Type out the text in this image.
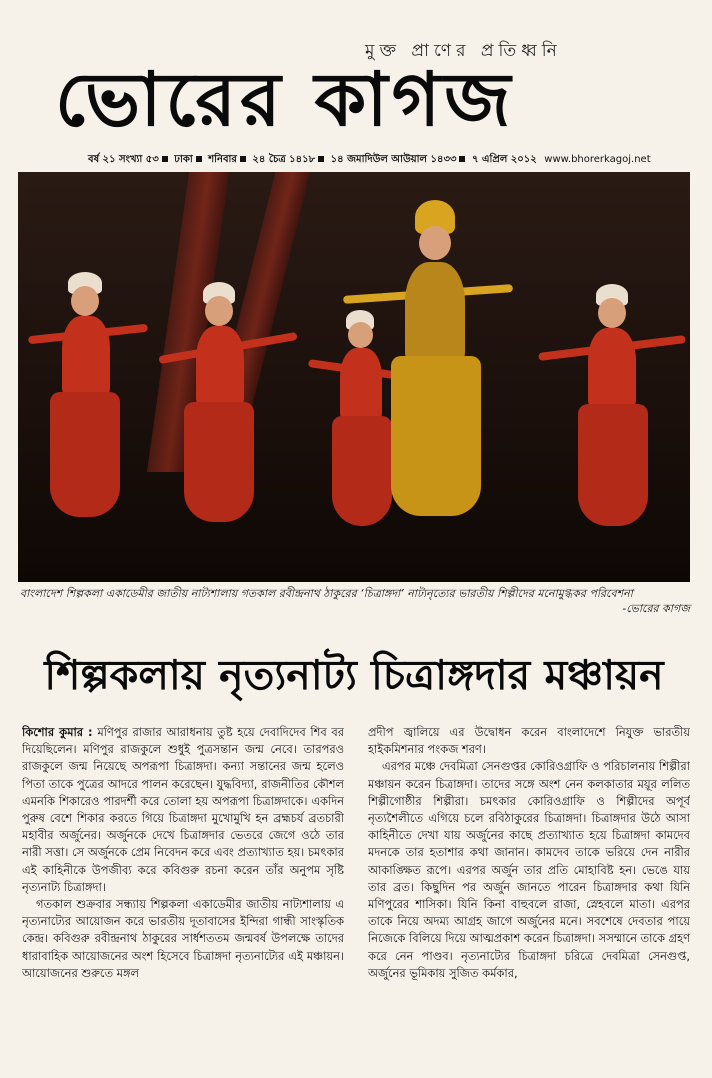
মুক্ত প্রাণের প্রতিধ্বনি
ভোরের কাগজ
বর্ষ ২১ সংখ্যা ৫৩ ঢাকা শনিবার ২৪ চৈত্র ১৪১৮ ১৪ জমাদিউল আউয়াল ১৪৩৩ ৭ এপ্রিল ২০১২ www.bhorerkagoj.net
বাংলাদেশ শিল্পকলা একাডেমীর জাতীয় নাট্যশালায় গতকাল রবীন্দ্রনাথ ঠাকুরের ‘চিত্রাঙ্গদা’ নাট্যনৃত্যের ভারতীয় শিল্পীদের মনোমুগ্ধকর পরিবেশনা
-ভোরের কাগজ
শিল্পকলায় নৃত্যনাট্য চিত্রাঙ্গদার মঞ্চায়ন

কিশোর কুমার : মণিপুর রাজার আরাধনায় তুষ্ট হয়ে দেবাদিদেব শিব বর দিয়েছিলেন। মণিপুর রাজকুলে শুধুই পুত্রসন্তান জন্ম নেবে। তারপরও রাজকুলে জন্ম নিয়েছে অপরূপা চিত্রাঙ্গদা। কন্যা সন্তানের জন্ম হলেও পিতা তাকে পুত্রের আদরে পালন করেছেন। যুদ্ধবিদ্যা, রাজনীতির কৌশল এমনকি শিকারেও পারদর্শী করে তোলা হয় অপরূপা চিত্রাঙ্গদাকে। একদিন পুরুষ বেশে শিকার করতে গিয়ে চিত্রাঙ্গদা মুখোমুখি হন ব্রহ্মচর্য ব্রতচারী মহাবীর অর্জুনের। অর্জুনকে দেখে চিত্রাঙ্গদার ভেতরে জেগে ওঠে তার নারী সত্তা। সে অর্জুনকে প্রেম নিবেদন করে এবং প্রত্যাখ্যাত হয়। চমৎকার এই কাহিনীকে উপজীব্য করে কবিগুরু রচনা করেন তাঁর অনুপম সৃষ্টি নৃত্যনাট্য চিত্রাঙ্গদা।

গতকাল শুক্রবার সন্ধ্যায় শিল্পকলা একাডেমীর জাতীয় নাট্যশালায় এ নৃত্যনাট্যের আয়োজন করে ভারতীয় দূতাবাসের ইন্দিরা গান্ধী সাংস্কৃতিক কেন্দ্র। কবিগুরু রবীন্দ্রনাথ ঠাকুরের সার্ধশততম জন্মবর্ষ উপলক্ষে তাদের ধারাবাহিক আয়োজনের অংশ হিসেবে চিত্রাঙ্গদা নৃত্যনাট্যের এই মঞ্চায়ন। আয়োজনের শুরুতে মঙ্গল

প্রদীপ জ্বালিয়ে এর উদ্বোধন করেন বাংলাদেশে নিযুক্ত ভারতীয় হাইকমিশনার পংকজ শরণ।

এরপর মঞ্চে দেবমিত্রা সেনগুপ্তর কোরিওগ্রাফি ও পরিচালনায় শিল্পীরা মঞ্চায়ন করেন চিত্রাঙ্গদা। তাদের সঙ্গে অংশ নেন কলকাতার ময়ূর ললিত শিল্পীগোষ্ঠীর শিল্পীরা। চমৎকার কোরিওগ্রাফি ও শিল্পীদের অপূর্ব নৃত্যশৈলীতে এগিয়ে চলে রবিঠাকুরের চিত্রাঙ্গদা। চিত্রাঙ্গদার উঠে আসা কাহিনীতে দেখা যায় অর্জুনের কাছে প্রত্যাখ্যাত হয়ে চিত্রাঙ্গদা কামদেব মদনকে তার হতাশার কথা জানান। কামদেব তাকে ভরিয়ে দেন নারীর আকাঙ্ক্ষিত রূপে। এরপর অর্জুন তার প্রতি মোহাবিষ্ট হন। ভেঙে যায় তার ব্রত। কিছুদিন পর অর্জুন জানতে পারেন চিত্রাঙ্গদার কথা যিনি মণিপুরের শাসিকা। যিনি কিনা বাহুবলে রাজা, স্নেহবলে মাতা। এরপর তাকে নিয়ে অদম্য আগ্রহ জাগে অর্জুনের মনে। সবশেষে দেবতার পায়ে নিজেকে বিলিয়ে দিয়ে আত্মপ্রকাশ করেন চিত্রাঙ্গদা। সসম্মানে তাকে গ্রহণ করে নেন পাণ্ডব। নৃত্যনাট্যের চিত্রাঙ্গদা চরিত্রে দেবমিত্রা সেনগুপ্ত, অর্জুনের ভূমিকায় সুজিত কর্মকার,
